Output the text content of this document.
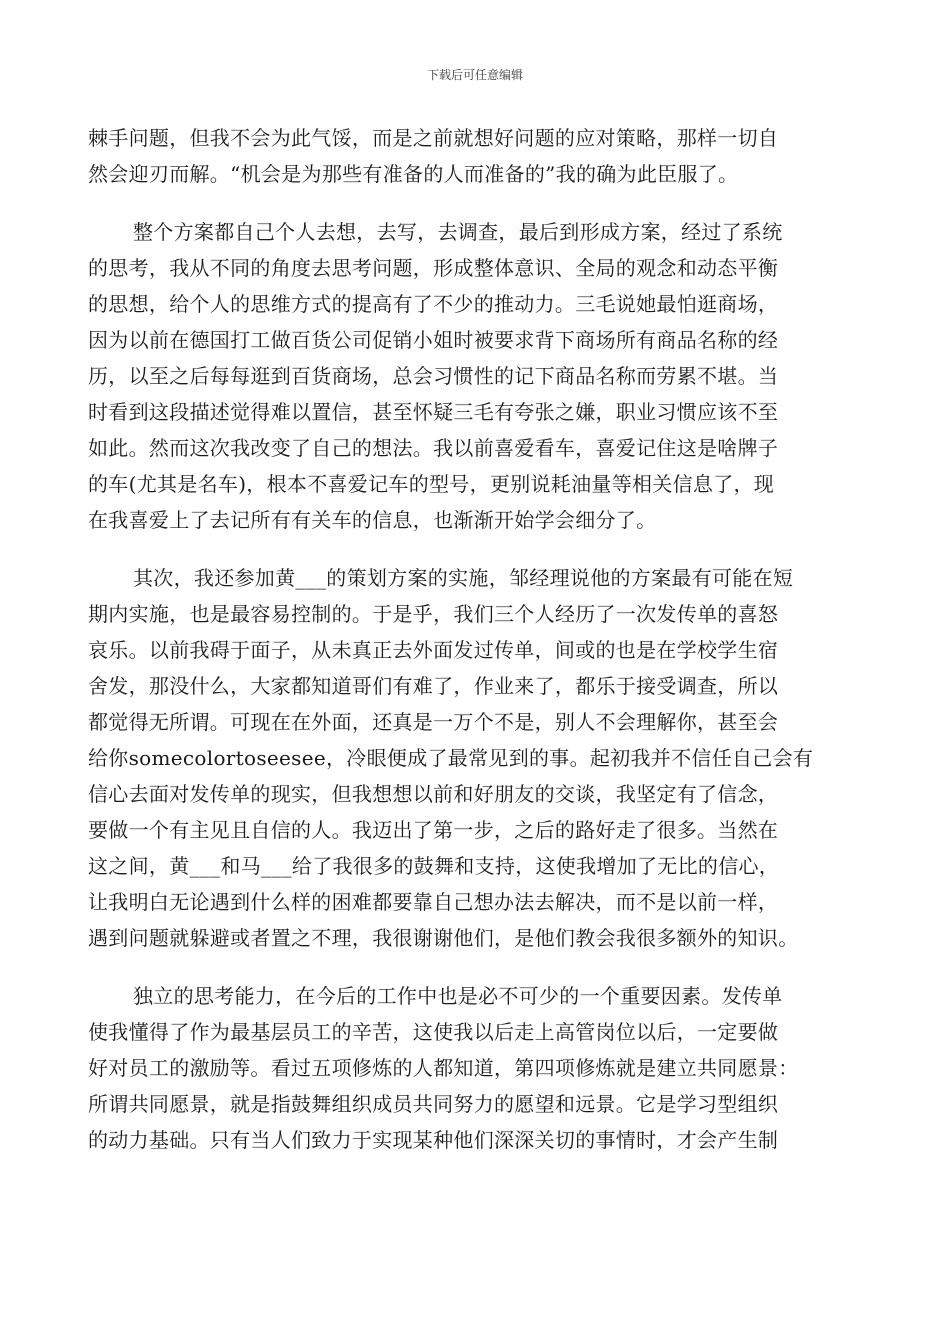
下载后可任意编辑
棘手问题，但我不会为此气馁，而是之前就想好问题的应对策略，那样一切自
然会迎刃而解。“机会是为那些有准备的人而准备的”我的确为此臣服了。
整个方案都自己个人去想，去写，去调查，最后到形成方案，经过了系统
的思考，我从不同的角度去思考问题，形成整体意识、全局的观念和动态平衡
的思想，给个人的思维方式的提高有了不少的推动力。三毛说她最怕逛商场，
因为以前在德国打工做百货公司促销小姐时被要求背下商场所有商品名称的经
历，以至之后每每逛到百货商场，总会习惯性的记下商品名称而劳累不堪。当
时看到这段描述觉得难以置信，甚至怀疑三毛有夸张之嫌，职业习惯应该不至
如此。然而这次我改变了自己的想法。我以前喜爱看车，喜爱记住这是啥牌子
的车(尤其是名车)，根本不喜爱记车的型号，更别说耗油量等相关信息了，现
在我喜爱上了去记所有有关车的信息，也渐渐开始学会细分了。
其次，我还参加黄___的策划方案的实施，邹经理说他的方案最有可能在短
期内实施，也是最容易控制的。于是乎，我们三个人经历了一次发传单的喜怒
哀乐。以前我碍于面子，从未真正去外面发过传单，间或的也是在学校学生宿
舍发，那没什么，大家都知道哥们有难了，作业来了，都乐于接受调查，所以
都觉得无所谓。可现在在外面，还真是一万个不是，别人不会理解你，甚至会
给你somecolortoseesee，冷眼便成了最常见到的事。起初我并不信任自己会有
信心去面对发传单的现实，但我想想以前和好朋友的交谈，我坚定有了信念，
要做一个有主见且自信的人。我迈出了第一步，之后的路好走了很多。当然在
这之间，黄___和马___给了我很多的鼓舞和支持，这使我增加了无比的信心，
让我明白无论遇到什么样的困难都要靠自己想办法去解决，而不是以前一样，
遇到问题就躲避或者置之不理，我很谢谢他们，是他们教会我很多额外的知识。
独立的思考能力，在今后的工作中也是必不可少的一个重要因素。发传单
使我懂得了作为最基层员工的辛苦，这使我以后走上高管岗位以后，一定要做
好对员工的激励等。看过五项修炼的人都知道，第四项修炼就是建立共同愿景：
所谓共同愿景，就是指鼓舞组织成员共同努力的愿望和远景。它是学习型组织
的动力基础。只有当人们致力于实现某种他们深深关切的事情时，才会产生制
